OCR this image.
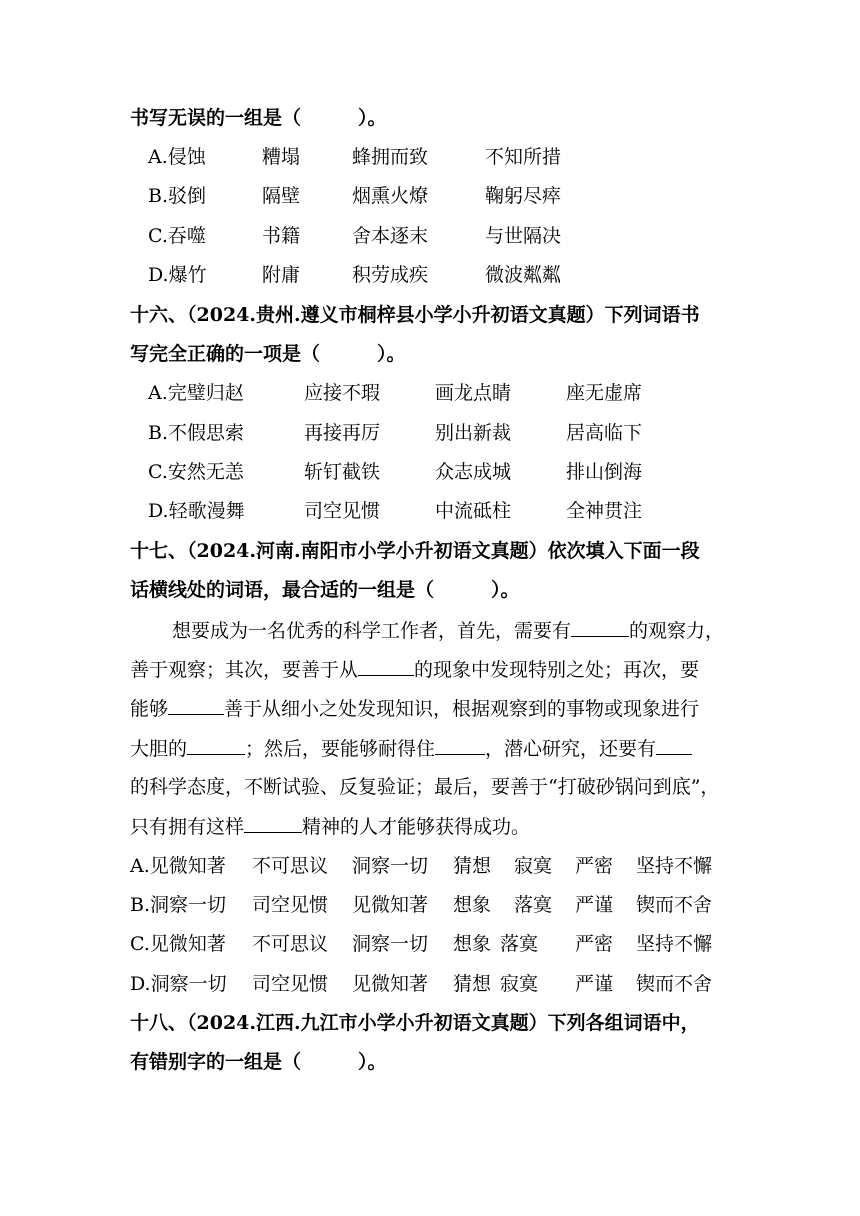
书写无误的一组是（　　　）。
A.侵蚀	糟塌	蜂拥而致	不知所措
B.驳倒	隔壁	烟熏火燎	鞠躬尽瘁
C.吞噬	书籍	舍本逐末	与世隔决
D.爆竹	附庸	积劳成疾	微波粼粼
十六、（2024.贵州.遵义市桐梓县小学小升初语文真题）下列词语书
写完全正确的一项是（　　　）。
A.完璧归赵	应接不瑕	画龙点睛	座无虚席
B.不假思索	再接再厉	别出新裁	居高临下
C.安然无恙	斩钉截铁	众志成城	排山倒海
D.轻歌漫舞	司空见惯	中流砥柱	全神贯注
十七、（2024.河南.南阳市小学小升初语文真题）依次填入下面一段
话横线处的词语，最合适的一组是（　　　）。
想要成为一名优秀的科学工作者，首先，需要有	的观察力，
善于观察；其次，要善于从	的现象中发现特别之处；再次，要
能够	善于从细小之处发现知识，根据观察到的事物或现象进行
大胆的	；然后，要能够耐得住	，潜心研究，还要有
的科学态度，不断试验、反复验证；最后，要善于“打破砂锅问到底”，
只有拥有这样	精神的人才能够获得成功。
A.见微知著 不可思议 洞察一切 猜想 寂寞 严密 坚持不懈
B.洞察一切 司空见惯 见微知著 想象 落寞 严谨 锲而不舍
C.见微知著 不可思议 洞察一切 想象 落寞 严密 坚持不懈
D.洞察一切 司空见惯 见微知著 猜想 寂寞 严谨 锲而不舍
十八、（2024.江西.九江市小学小升初语文真题）下列各组词语中，
有错别字的一组是（　　　）。
